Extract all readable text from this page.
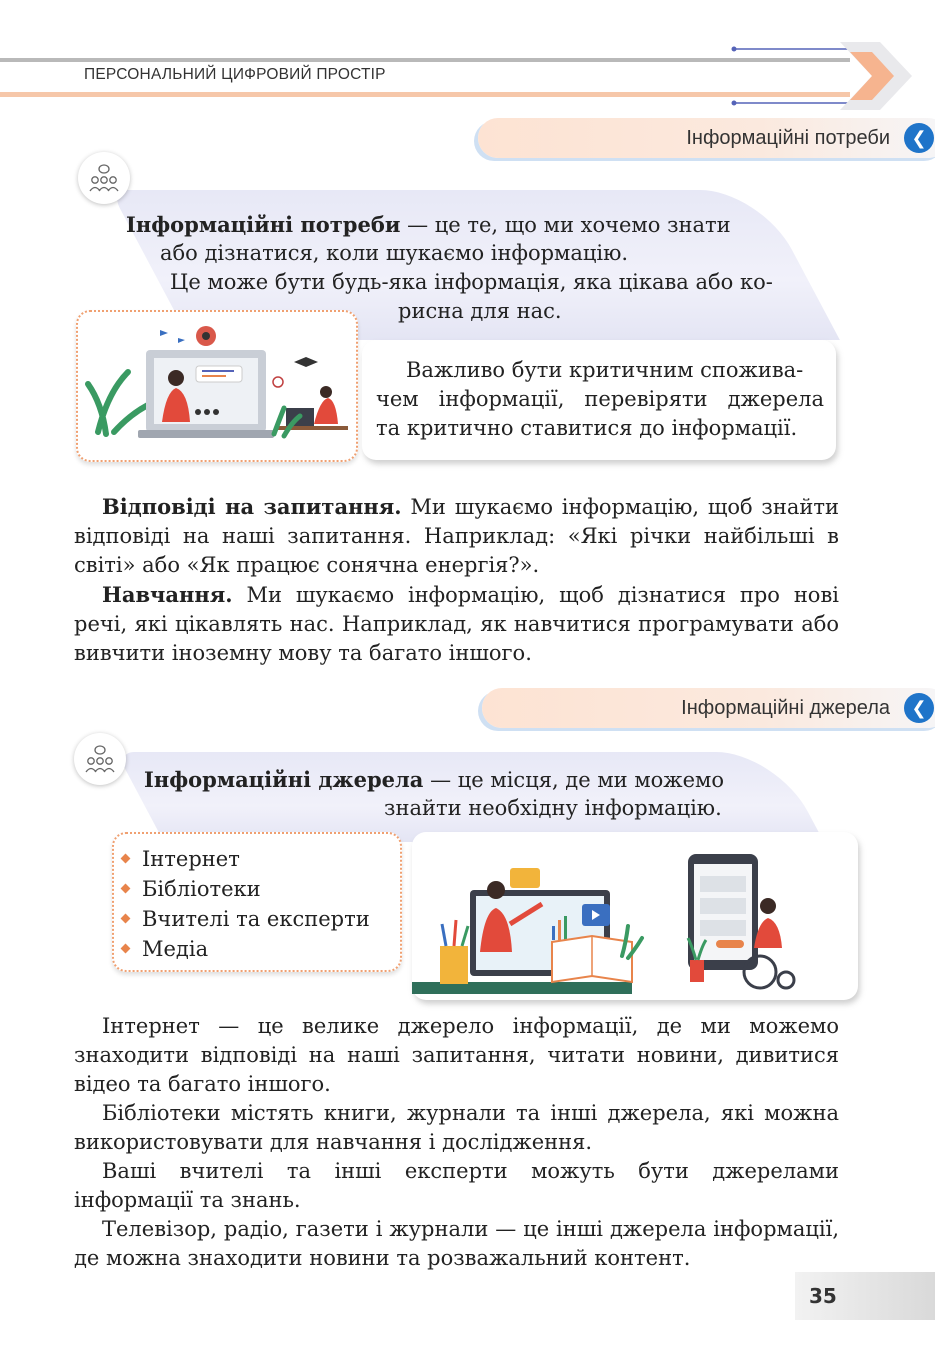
ПЕРСОНАЛЬНИЙ ЦИФРОВИЙ ПРОСТІР
Інформаційні потреби	❮
Інформаційні потреби — це те, що ми хочемо знати
або дізнатися, коли шукаємо інформацію.
Це може бути будь-яка інформація, яка цікава або ко-
рисна для нас.
Важливо бути критичним спожива-
чем інформації, перевіряти джерела
та критично ставитися до інформації.

Відповіді на запитання. Ми шукаємо інформацію, щоб знайти відповіді на наші запитання. Наприклад: «Які річки найбільші в світі» або «Як працює сонячна енергія?».

Навчання. Ми шукаємо інформацію, щоб дізнатися про нові речі, які цікавлять нас. Наприклад, як навчитися програмувати або вивчити іноземну мову та багато іншого.

Інформаційні джерела	❮
Інформаційні джерела — це місця, де ми можемо
знайти необхідну інформацію.
Інтернет
Бібліотеки
Вчителі та експерти
Медіа

Інтернет — це велике джерело інформації, де ми можемо знаходити відповіді на наші запитання, читати новини, дивитися відео та багато іншого.

Бібліотеки містять книги, журнали та інші джерела, які можна використовувати для навчання і дослідження.

Ваші вчителі та інші експерти можуть бути джерелами інформації та знань.

Телевізор, радіо, газети і журнали — це інші джерела інформації, де можна знаходити новини та розважальний контент.

35
